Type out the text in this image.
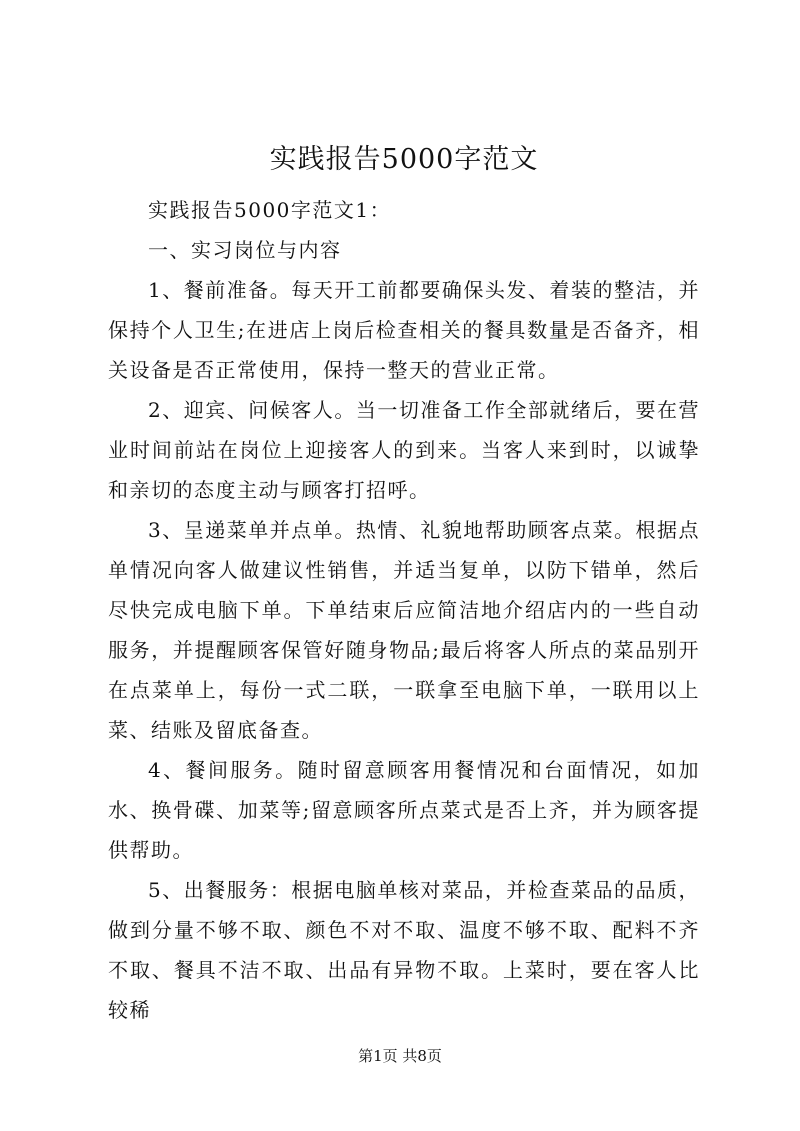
实践报告5000字范文

实践报告5000字范文1：

一、实习岗位与内容

1、餐前准备。每天开工前都要确保头发、着装的整洁，并保持个人卫生;在进店上岗后检查相关的餐具数量是否备齐，相关设备是否正常使用，保持一整天的营业正常。

2、迎宾、问候客人。当一切准备工作全部就绪后，要在营业时间前站在岗位上迎接客人的到来。当客人来到时，以诚挚和亲切的态度主动与顾客打招呼。

3、呈递菜单并点单。热情、礼貌地帮助顾客点菜。根据点单情况向客人做建议性销售，并适当复单，以防下错单，然后尽快完成电脑下单。下单结束后应简洁地介绍店内的一些自动服务，并提醒顾客保管好随身物品;最后将客人所点的菜品别开在点菜单上，每份一式二联，一联拿至电脑下单，一联用以上菜、结账及留底备查。

4、餐间服务。随时留意顾客用餐情况和台面情况，如加水、换骨碟、加菜等;留意顾客所点菜式是否上齐，并为顾客提供帮助。

5、出餐服务：根据电脑单核对菜品，并检查菜品的品质，做到分量不够不取、颜色不对不取、温度不够不取、配料不齐不取、餐具不洁不取、出品有异物不取。上菜时，要在客人比较稀

第1页 共8页
